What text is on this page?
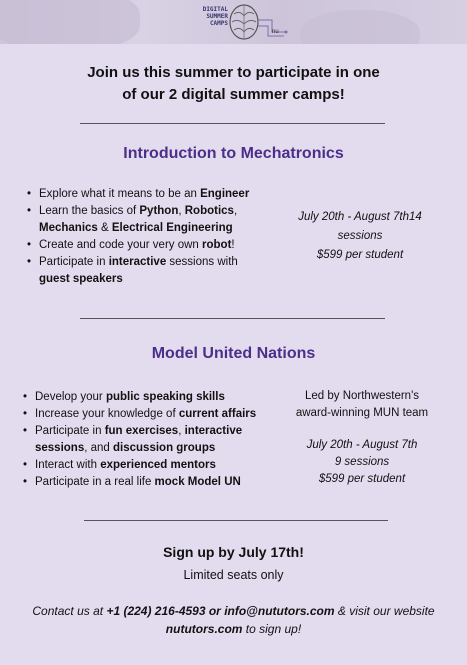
DIGITAL
SUMMER
CAMPS
nu
Join us this summer to participate in one
of our 2 digital summer camps!
Introduction to Mechatronics
• Explore what it means to be an Engineer
• Learn the basics of Python, Robotics,
Mechanics & Electrical Engineering
• Create and code your very own robot!
• Participate in interactive sessions with
guest speakers
July 20th - August 7th14
sessions
$599 per student
Model United Nations
• Develop your public speaking skills
• Increase your knowledge of current affairs
• Participate in fun exercises, interactive
sessions, and discussion groups
• Interact with experienced mentors
• Participate in a real life mock Model UN
Led by Northwestern's
award-winning MUN team
July 20th - August 7th
9 sessions
$599 per student
Sign up by July 17th!
Limited seats only
Contact us at +1 (224) 216-4593 or info@nututors.com & visit our website
nututors.com to sign up!
